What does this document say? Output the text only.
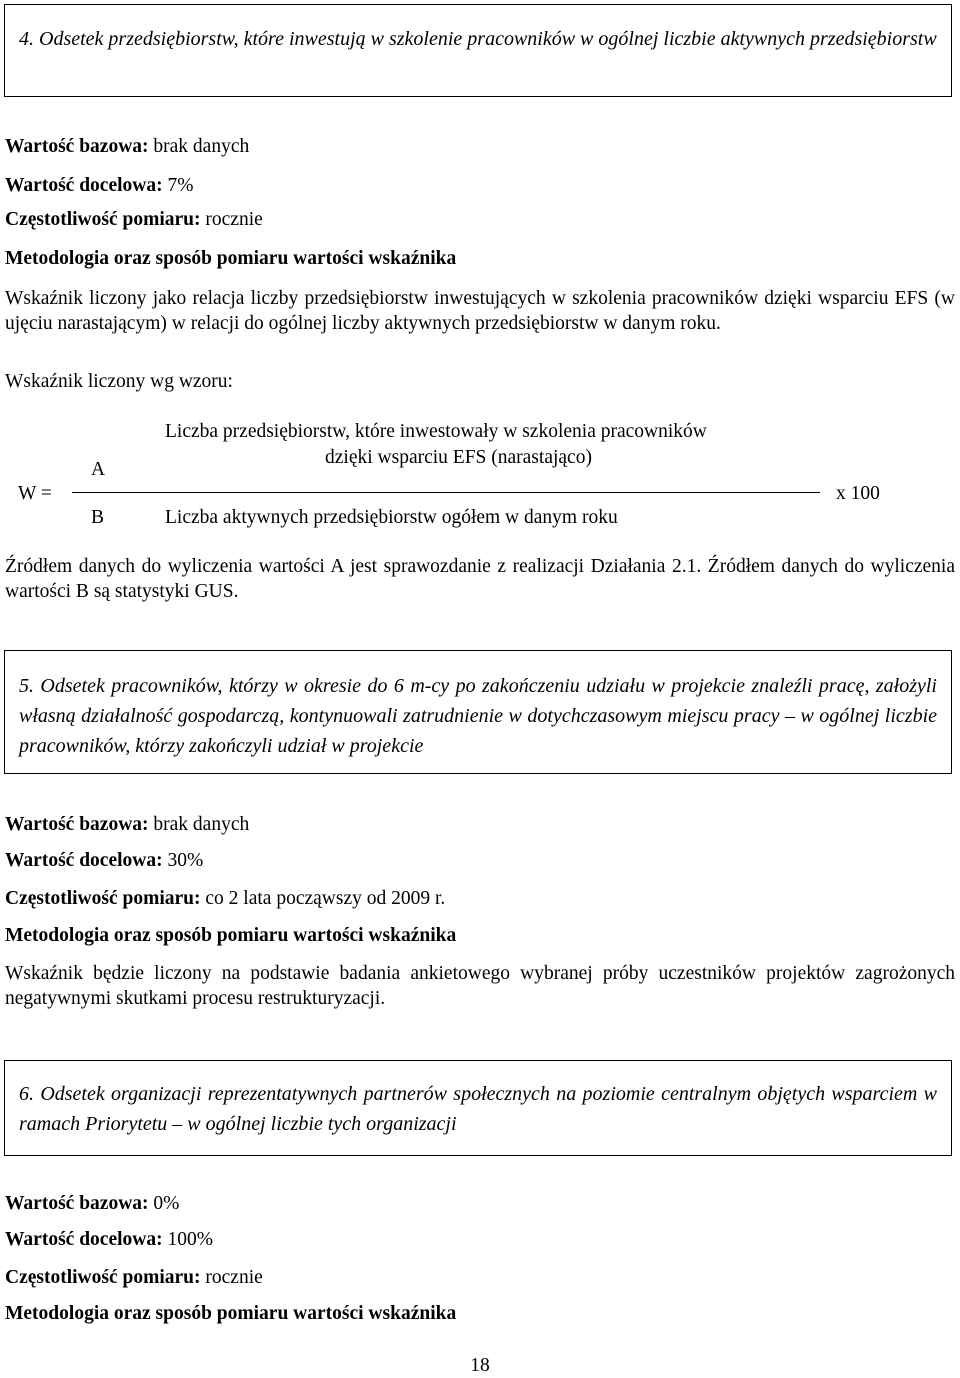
4. Odsetek przedsiębiorstw, które inwestują w szkolenie pracowników w ogólnej liczbie aktywnych przedsiębiorstw
Wartość bazowa: brak danych
Wartość docelowa: 7%
Częstotliwość pomiaru: rocznie
Metodologia oraz sposób pomiaru wartości wskaźnika
Wskaźnik liczony jako relacja liczby przedsiębiorstw inwestujących w szkolenia pracowników dzięki wsparciu EFS (w ujęciu narastającym) w relacji do ogólnej liczby aktywnych przedsiębiorstw w danym roku.
Wskaźnik liczony wg wzoru:
W =
A
B
Liczba przedsiębiorstw, które inwestowały w szkolenia pracowników
dzięki wsparciu EFS (narastająco)
Liczba aktywnych przedsiębiorstw ogółem w danym roku
x 100
Źródłem danych do wyliczenia wartości A jest sprawozdanie z realizacji Działania 2.1. Źródłem danych do wyliczenia wartości B są statystyki GUS.
5. Odsetek pracowników, którzy w okresie do 6 m-cy po zakończeniu udziału w projekcie znaleźli pracę, założyli własną działalność gospodarczą, kontynuowali zatrudnienie w dotychczasowym miejscu pracy – w ogólnej liczbie pracowników, którzy zakończyli udział w projekcie
Wartość bazowa: brak danych
Wartość docelowa: 30%
Częstotliwość pomiaru: co 2 lata począwszy od 2009 r.
Metodologia oraz sposób pomiaru wartości wskaźnika
Wskaźnik będzie liczony na podstawie badania ankietowego wybranej próby uczestników projektów zagrożonych negatywnymi skutkami procesu restrukturyzacji.
6. Odsetek organizacji reprezentatywnych partnerów społecznych na poziomie centralnym objętych wsparciem w ramach Priorytetu – w ogólnej liczbie tych organizacji
Wartość bazowa: 0%
Wartość docelowa: 100%
Częstotliwość pomiaru: rocznie
Metodologia oraz sposób pomiaru wartości wskaźnika
18
